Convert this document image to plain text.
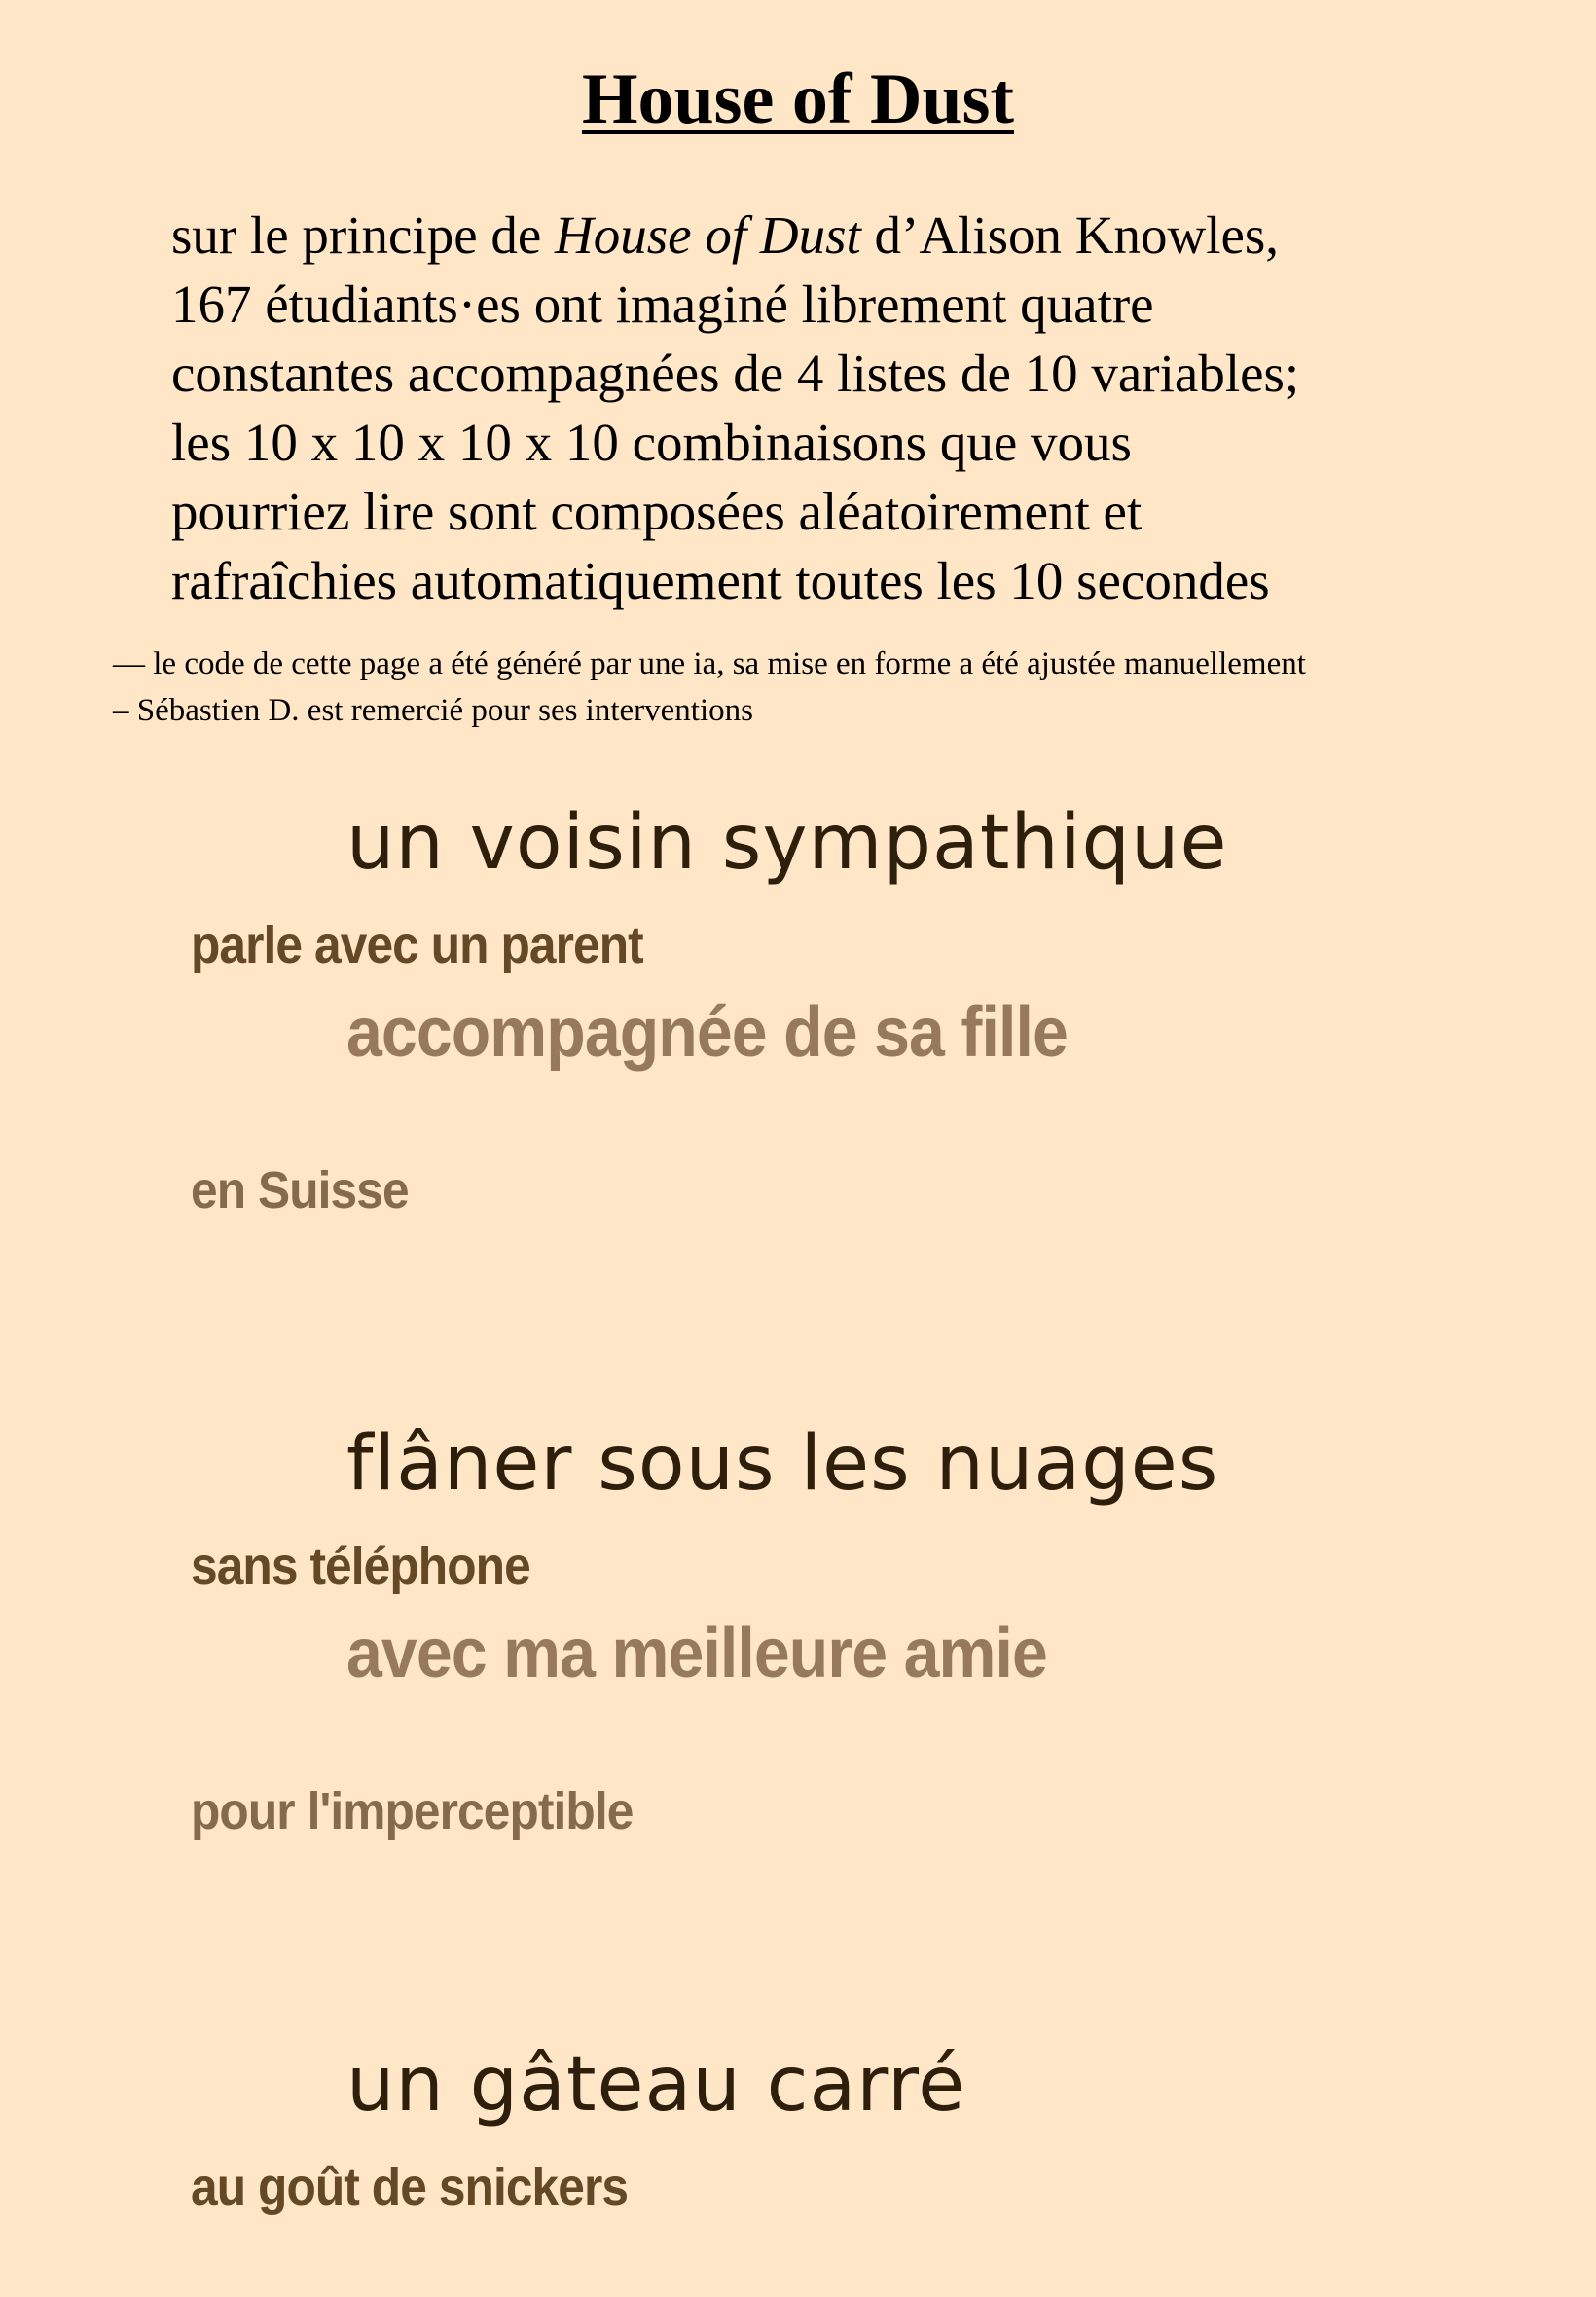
House of Dust

sur le principe de House of Dust d’Alison Knowles,
167 étudiants·es ont imaginé librement quatre
constantes accompagnées de 4 listes de 10 variables;
les 10 x 10 x 10 x 10 combinaisons que vous
pourriez lire sont composées aléatoirement et
rafraîchies automatiquement toutes les 10 secondes

— le code de cette page a été généré par une ia, sa mise en forme a été ajustée manuellement
– Sébastien D. est remercié pour ses interventions

un voisin sympathique
parle avec un parent
accompagnée de sa fille
en Suisse
flâner sous les nuages
sans téléphone
avec ma meilleure amie
pour l'imperceptible
un gâteau carré
au goût de snickers
